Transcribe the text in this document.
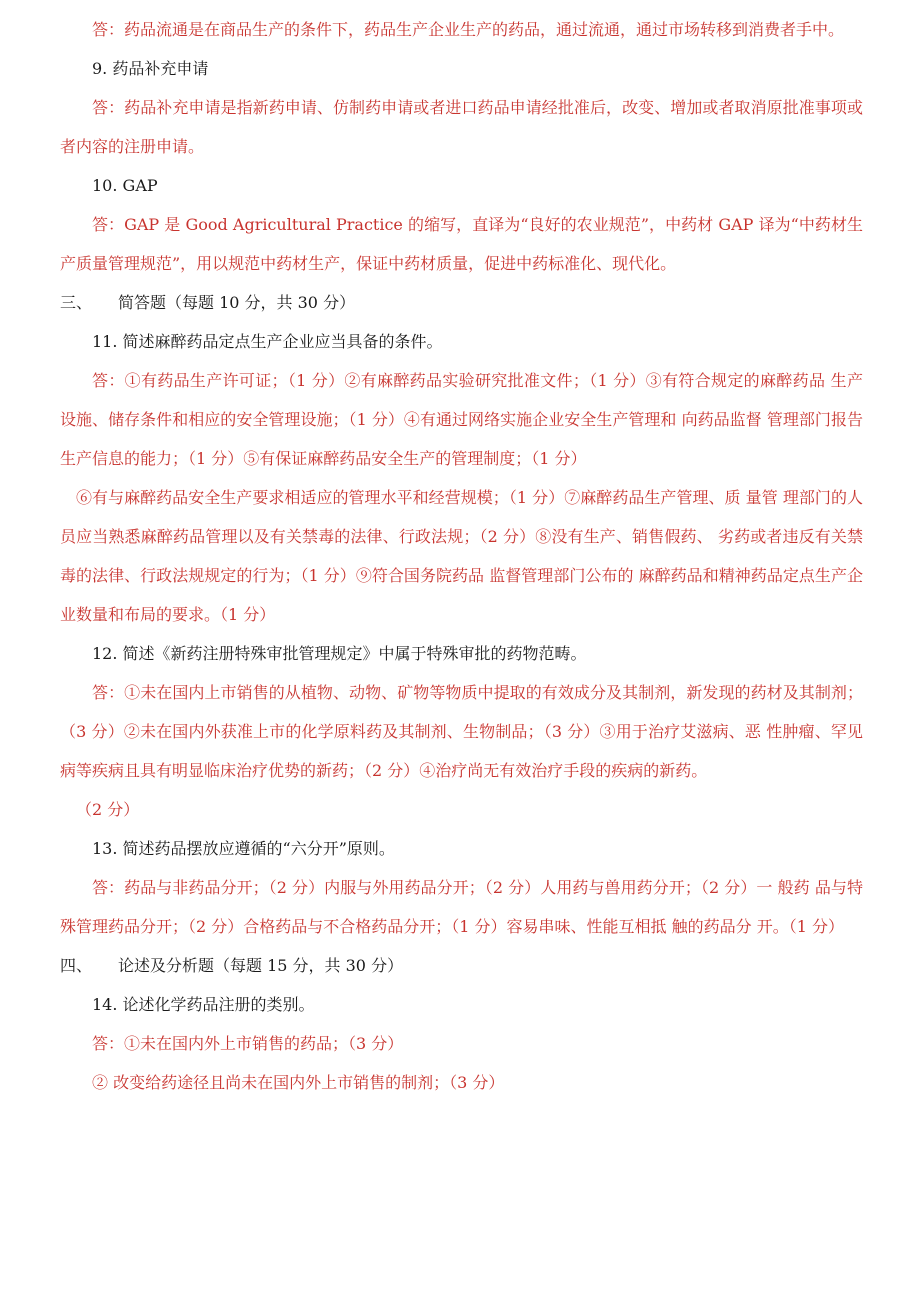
答：药品流通是在商品生产的条件下，药品生产企业生产的药品，通过流通，通过市场转移到消费者手中。

9. 药品补充申请

答：药品补充申请是指新药申请、仿制药申请或者进口药品申请经批准后，改变、增加或者取消原批准事项或者内容的注册申请。

10. GAP

答：GAP 是 Good Agricultural Practice 的缩写，直译为“良好的农业规范”，中药材 GAP 译为“中药材生产质量管理规范”，用以规范中药材生产，保证中药材质量，促进中药标准化、现代化。

三、	简答题（每题 10 分，共 30 分）

11. 简述麻醉药品定点生产企业应当具备的条件。

答：①有药品生产许可证；（1 分）②有麻醉药品实验研究批准文件；（1 分）③有符合规定的麻醉药品 生产设施、储存条件和相应的安全管理设施；（1 分）④有通过网络实施企业安全生产管理和 向药品监督 管理部门报告生产信息的能力；（1 分）⑤有保证麻醉药品安全生产的管理制度；（1 分）

⑥有与麻醉药品安全生产要求相适应的管理水平和经营规模；（1 分）⑦麻醉药品生产管理、质 量管 理部门的人员应当熟悉麻醉药品管理以及有关禁毒的法律、行政法规；（2 分）⑧没有生产、销售假药、 劣药或者违反有关禁毒的法律、行政法规规定的行为；（1 分）⑨符合国务院药品 监督管理部门公布的 麻醉药品和精神药品定点生产企业数量和布局的要求。（1 分）

12. 简述《新药注册特殊审批管理规定》中属于特殊审批的药物范畴。

答：①未在国内上市销售的从植物、动物、矿物等物质中提取的有效成分及其制剂，新发现的药材及其制剂；（3 分）②未在国内外获准上市的化学原料药及其制剂、生物制品；（3 分）③用于治疗艾滋病、恶 性肿瘤、罕见病等疾病且具有明显临床治疗优势的新药；（2 分）④治疗尚无有效治疗手段的疾病的新药。

（2 分）

13. 简述药品摆放应遵循的“六分开”原则。

答：药品与非药品分开；（2 分）内服与外用药品分开；（2 分）人用药与兽用药分开；（2 分）一 般药 品与特殊管理药品分开；（2 分）合格药品与不合格药品分开；（1 分）容易串味、性能互相抵 触的药品分 开。（1 分）

四、	论述及分析题（每题 15 分，共 30 分）

14. 论述化学药品注册的类别。

答：①未在国内外上市销售的药品；（3 分）

② 改变给药途径且尚未在国内外上市销售的制剂；（3 分）
